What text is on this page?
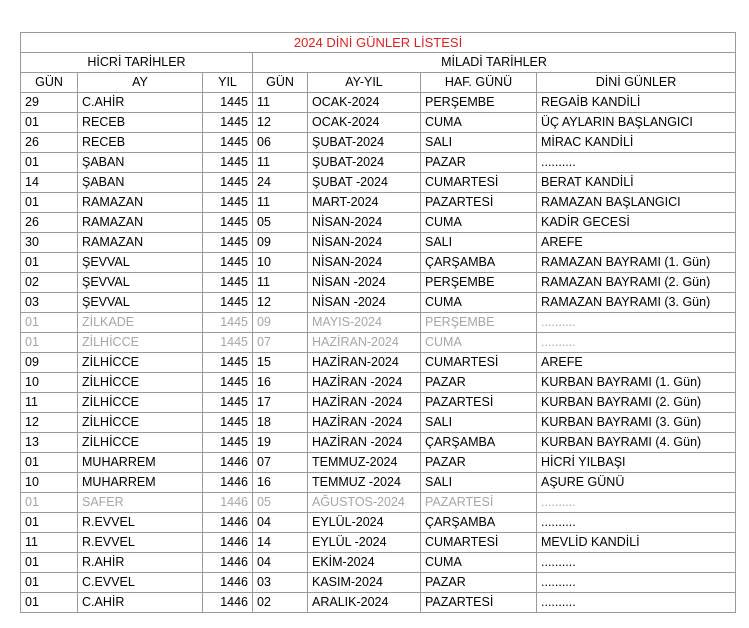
2024 DİNİ GÜNLER LİSTESİ						
HİCRİ TARİHLER			MİLADİ TARİHLER			
GÜN	AY	YIL	GÜN	AY-YIL	HAF. GÜNÜ	DİNİ GÜNLER
29	C.AHİR	1445	11	OCAK-2024	PERŞEMBE	REGAİB KANDİLİ
01	RECEB	1445	12	OCAK-2024	CUMA	ÜÇ AYLARIN BAŞLANGICI
26	RECEB	1445	06	ŞUBAT-2024	SALI	MİRAC KANDİLİ
01	ŞABAN	1445	11	ŞUBAT-2024	PAZAR	..........
14	ŞABAN	1445	24	ŞUBAT -2024	CUMARTESİ	BERAT KANDİLİ
01	RAMAZAN	1445	11	MART-2024	PAZARTESİ	RAMAZAN BAŞLANGICI
26	RAMAZAN	1445	05	NİSAN-2024	CUMA	KADİR GECESİ
30	RAMAZAN	1445	09	NİSAN-2024	SALI	AREFE
01	ŞEVVAL	1445	10	NİSAN-2024	ÇARŞAMBA	RAMAZAN BAYRAMI (1. Gün)
02	ŞEVVAL	1445	11	NİSAN -2024	PERŞEMBE	RAMAZAN BAYRAMI (2. Gün)
03	ŞEVVAL	1445	12	NİSAN -2024	CUMA	RAMAZAN BAYRAMI (3. Gün)
01	ZİLKADE	1445	09	MAYIS-2024	PERŞEMBE	..........
01	ZİLHİCCE	1445	07	HAZİRAN-2024	CUMA	..........
09	ZİLHİCCE	1445	15	HAZİRAN-2024	CUMARTESİ	AREFE
10	ZİLHİCCE	1445	16	HAZİRAN -2024	PAZAR	KURBAN BAYRAMI (1. Gün)
11	ZİLHİCCE	1445	17	HAZİRAN -2024	PAZARTESİ	KURBAN BAYRAMI (2. Gün)
12	ZİLHİCCE	1445	18	HAZİRAN -2024	SALI	KURBAN BAYRAMI (3. Gün)
13	ZİLHİCCE	1445	19	HAZİRAN -2024	ÇARŞAMBA	KURBAN BAYRAMI (4. Gün)
01	MUHARREM	1446	07	TEMMUZ-2024	PAZAR	HİCRİ YILBAŞI
10	MUHARREM	1446	16	TEMMUZ -2024	SALI	AŞURE GÜNÜ
01	SAFER	1446	05	AĞUSTOS-2024	PAZARTESİ	..........
01	R.EVVEL	1446	04	EYLÜL-2024	ÇARŞAMBA	..........
11	R.EVVEL	1446	14	EYLÜL -2024	CUMARTESİ	MEVLİD KANDİLİ
01	R.AHİR	1446	04	EKİM-2024	CUMA	..........
01	C.EVVEL	1446	03	KASIM-2024	PAZAR	..........
01	C.AHİR	1446	02	ARALIK-2024	PAZARTESİ	..........
